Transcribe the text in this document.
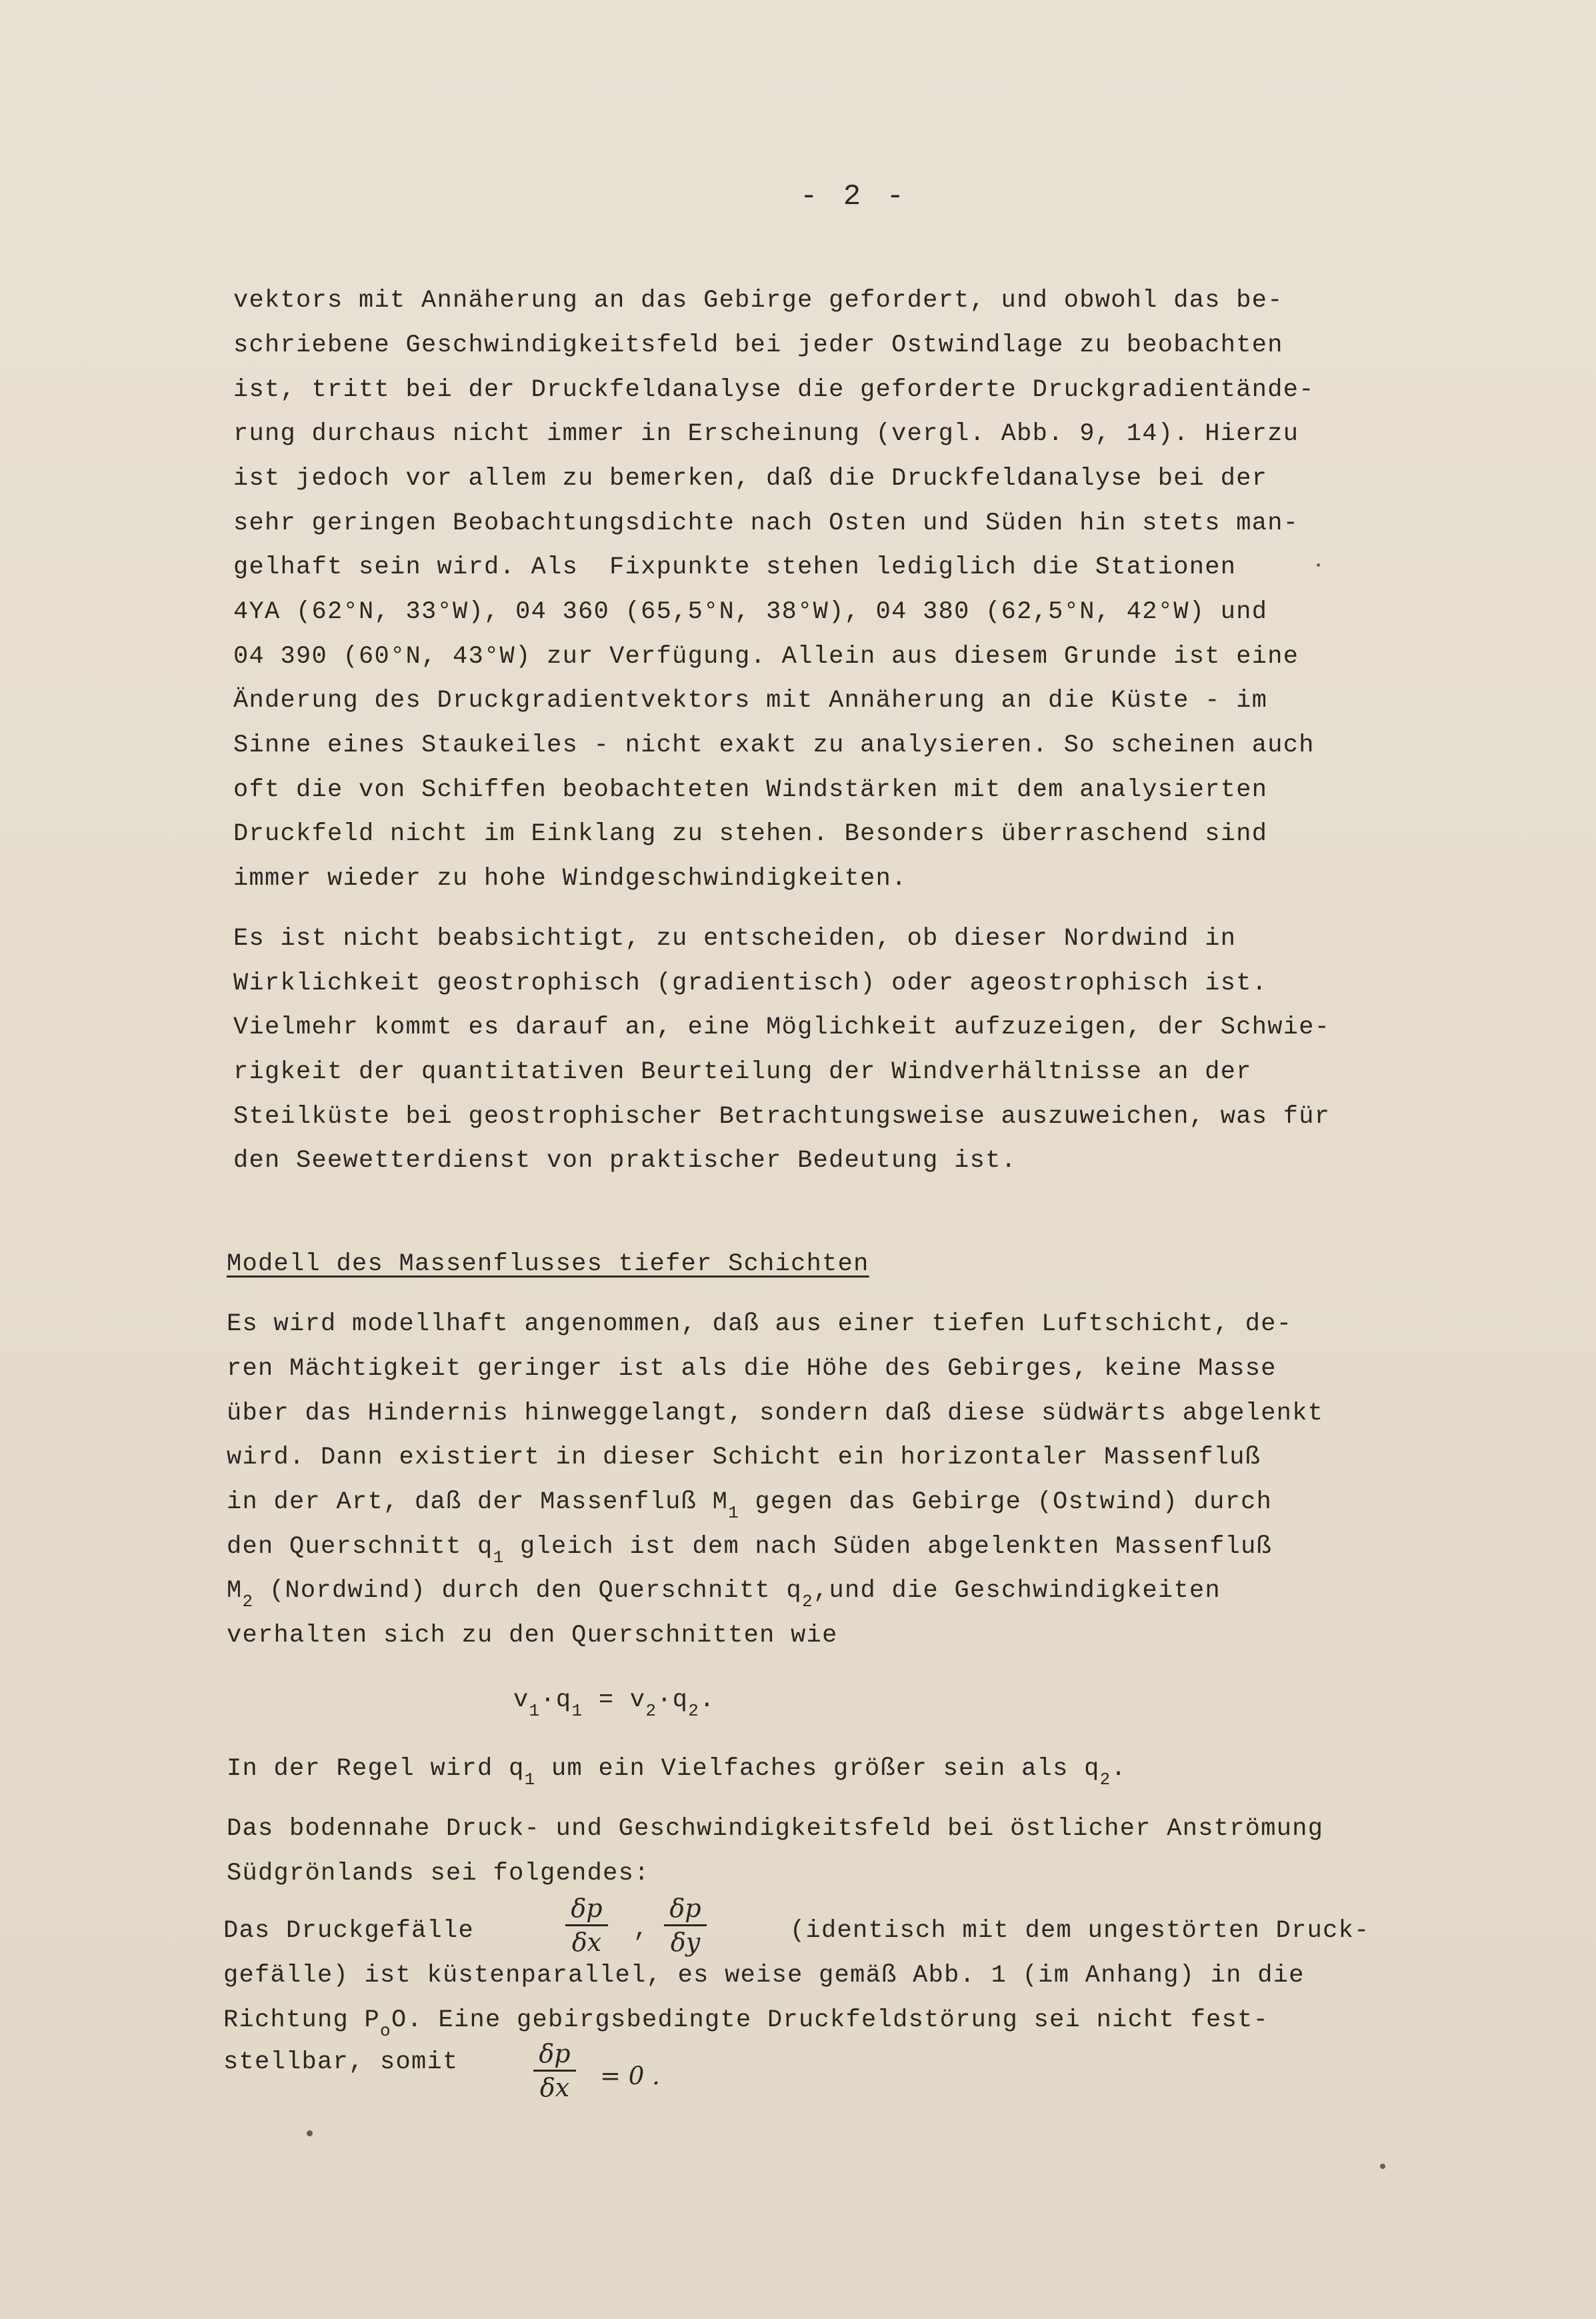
- 2 -
vektors mit Annäherung an das Gebirge gefordert, und obwohl das be-
schriebene Geschwindigkeitsfeld bei jeder Ostwindlage zu beobachten
ist, tritt bei der Druckfeldanalyse die geforderte Druckgradientände-
rung durchaus nicht immer in Erscheinung (vergl. Abb. 9, 14). Hierzu
ist jedoch vor allem zu bemerken, daß die Druckfeldanalyse bei der
sehr geringen Beobachtungsdichte nach Osten und Süden hin stets man-
gelhaft sein wird. Als  Fixpunkte stehen lediglich die Stationen
4YA (62°N, 33°W), 04 360 (65,5°N, 38°W), 04 380 (62,5°N, 42°W) und
04 390 (60°N, 43°W) zur Verfügung. Allein aus diesem Grunde ist eine
Änderung des Druckgradientvektors mit Annäherung an die Küste - im
Sinne eines Staukeiles - nicht exakt zu analysieren. So scheinen auch
oft die von Schiffen beobachteten Windstärken mit dem analysierten
Druckfeld nicht im Einklang zu stehen. Besonders überraschend sind
immer wieder zu hohe Windgeschwindigkeiten.
Es ist nicht beabsichtigt, zu entscheiden, ob dieser Nordwind in
Wirklichkeit geostrophisch (gradientisch) oder ageostrophisch ist.
Vielmehr kommt es darauf an, eine Möglichkeit aufzuzeigen, der Schwie-
rigkeit der quantitativen Beurteilung der Windverhältnisse an der
Steilküste bei geostrophischer Betrachtungsweise auszuweichen, was für
den Seewetterdienst von praktischer Bedeutung ist.
Modell des Massenflusses tiefer Schichten
Es wird modellhaft angenommen, daß aus einer tiefen Luftschicht, de-
ren Mächtigkeit geringer ist als die Höhe des Gebirges, keine Masse
über das Hindernis hinweggelangt, sondern daß diese südwärts abgelenkt
wird. Dann existiert in dieser Schicht ein horizontaler Massenfluß
in der Art, daß der Massenfluß $M_1$ gegen das Gebirge (Ostwind) durch
den Querschnitt $q_1$ gleich ist dem nach Süden abgelenkten Massenfluß
$M_2$ (Nordwind) durch den Querschnitt $q_2,und$ die Geschwindigkeiten
verhalten sich zu den Querschnitten wie
$v_1\cdot q_1 = v_2\cdot q_2$.
In der Regel wird $q_1$ um ein Vielfaches größer sein als $q_2$.
Das bodennahe Druck- und Geschwindigkeitsfeld bei östlicher Anströmung
Südgrönlands sei folgendes:
Das Druckgefälle
δp
δx ,
δp
δy	(identisch mit dem ungestörten Druck-
gefälle) ist küstenparallel, es weise gemäß Abb. 1 (im Anhang) in die
Richtung $P_oO$. Eine gebirgsbedingte Druckfeldstörung sei nicht fest-
stellbar, somit	δp
δx = 0 .
